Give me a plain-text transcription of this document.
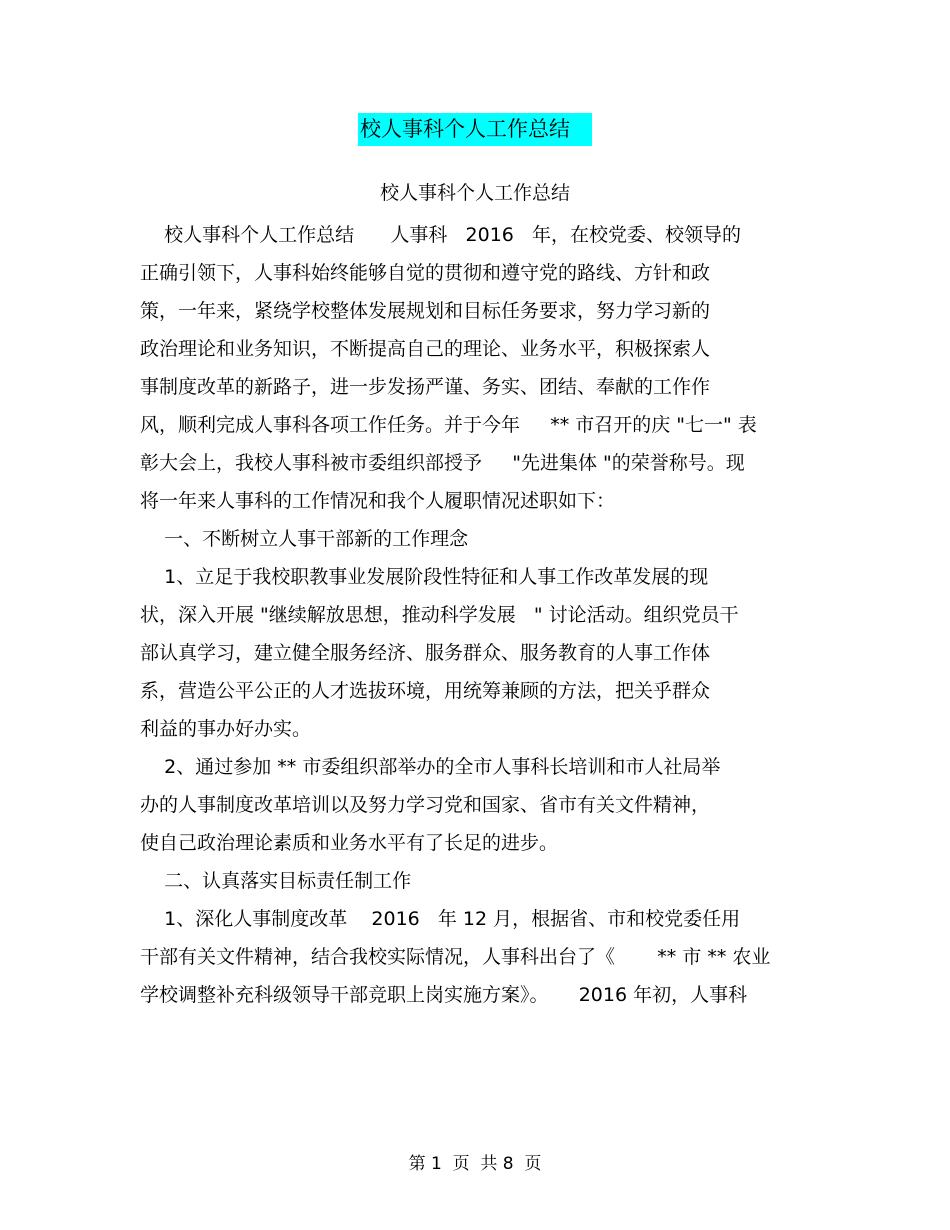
校人事科个人工作总结
校人事科个人工作总结
校人事科个人工作总结      人事科   2016   年，在校党委、校领导的
正确引领下，人事科始终能够自觉的贯彻和遵守党的路线、方针和政
策，一年来，紧绕学校整体发展规划和目标任务要求，努力学习新的
政治理论和业务知识，不断提高自己的理论、业务水平，积极探索人
事制度改革的新路子，进一步发扬严谨、务实、团结、奉献的工作作
风，顺利完成人事科各项工作任务。并于今年     ** 市召开的庆 "七一" 表
彰大会上，我校人事科被市委组织部授予     "先进集体 "的荣誉称号。现
将一年来人事科的工作情况和我个人履职情况述职如下：
一、不断树立人事干部新的工作理念
1、立足于我校职教事业发展阶段性特征和人事工作改革发展的现
状，深入开展 "继续解放思想，推动科学发展   " 讨论活动。组织党员干
部认真学习，建立健全服务经济、服务群众、服务教育的人事工作体
系，营造公平公正的人才选拔环境，用统筹兼顾的方法，把关乎群众
利益的事办好办实。
2、通过参加 ** 市委组织部举办的全市人事科长培训和市人社局举
办的人事制度改革培训以及努力学习党和国家、省市有关文件精神，
使自己政治理论素质和业务水平有了长足的进步。
二、认真落实目标责任制工作
1、深化人事制度改革    2016   年 12 月，根据省、市和校党委任用
干部有关文件精神，结合我校实际情况，人事科出台了《       ** 市 ** 农业
学校调整补充科级领导干部竞职上岗实施方案》。     2016 年初，人事科
第 1  页  共 8  页
